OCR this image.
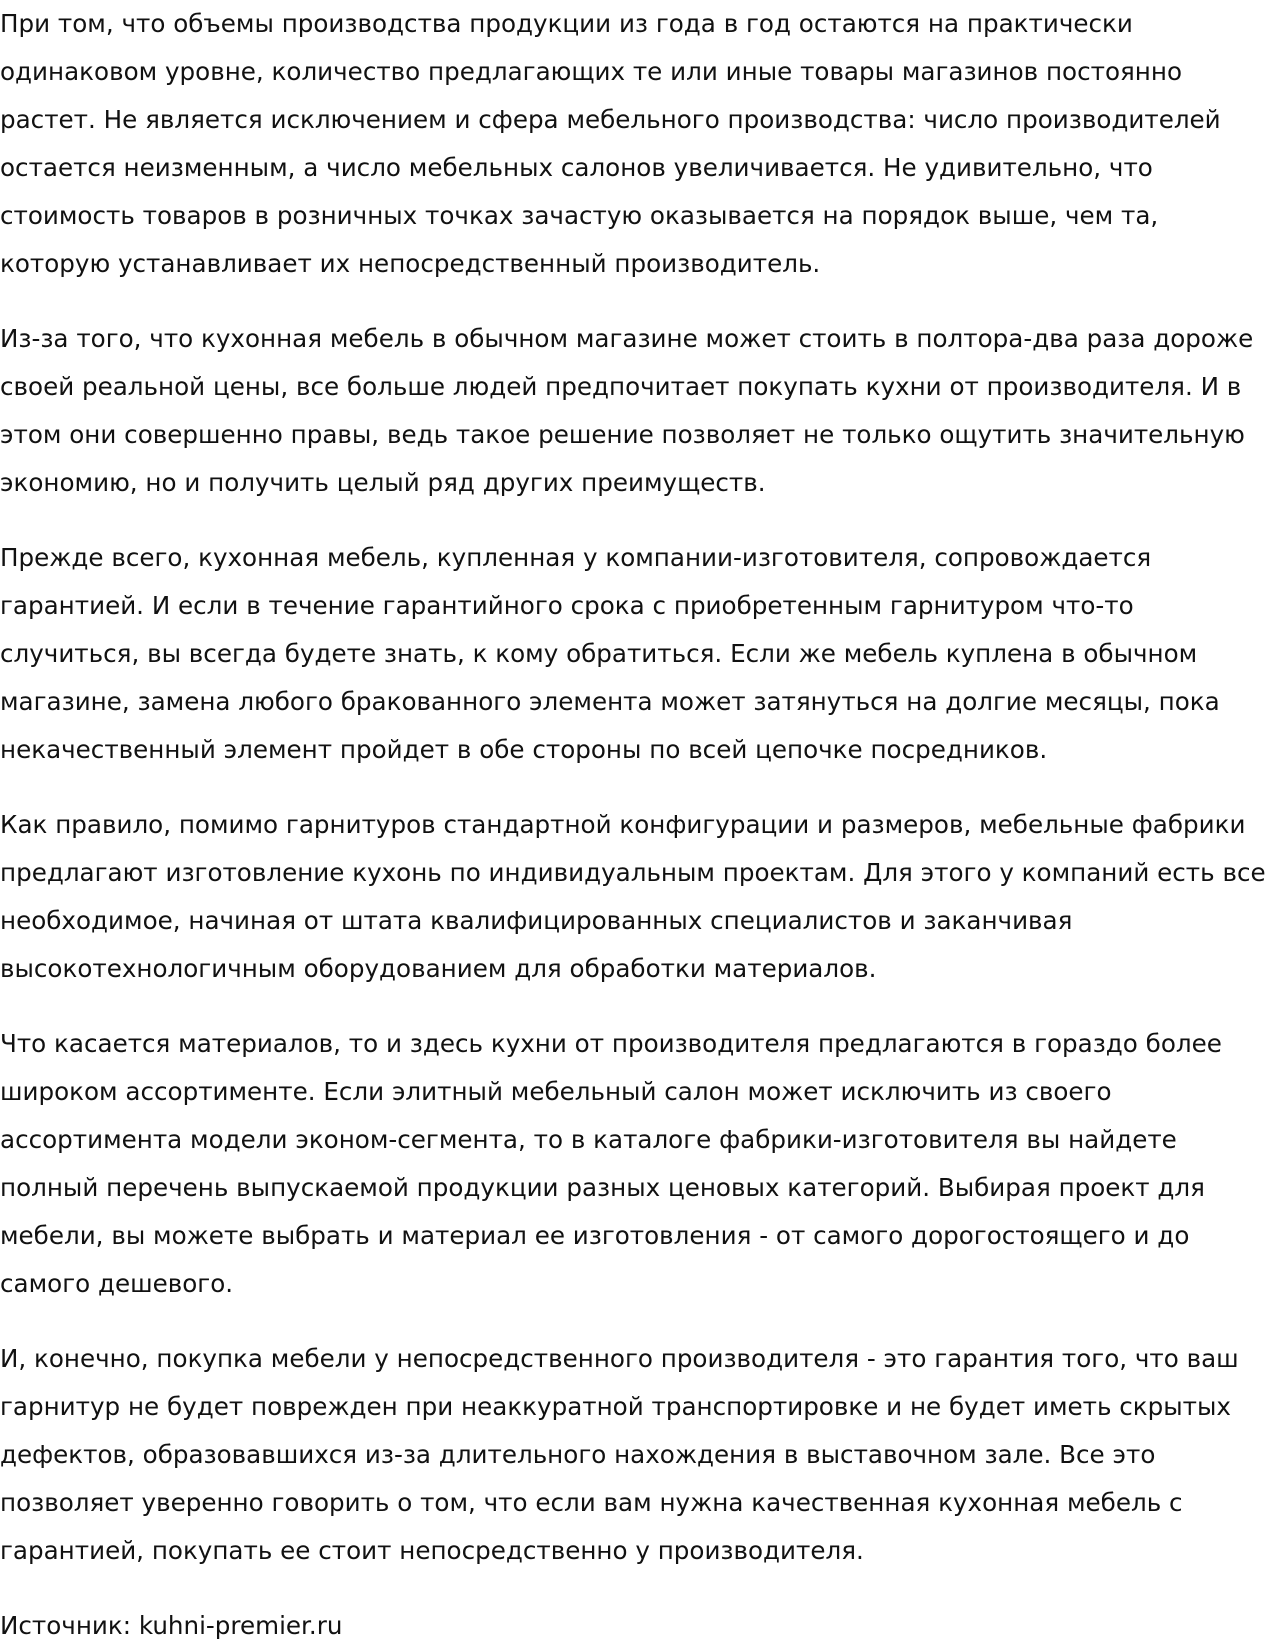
При том, что объемы производства продукции из года в год остаются на практически одинаковом уровне, количество предлагающих те или иные товары магазинов постоянно растет. Не является исключением и сфера мебельного производства: число производителей остается неизменным, а число мебельных салонов увеличивается. Не удивительно, что стоимость товаров в розничных точках зачастую оказывается на порядок выше, чем та, которую устанавливает их непосредственный производитель.

Из-за того, что кухонная мебель в обычном магазине может стоить в полтора-два раза дороже своей реальной цены, все больше людей предпочитает покупать кухни от производителя. И в этом они совершенно правы, ведь такое решение позволяет не только ощутить значительную экономию, но и получить целый ряд других преимуществ.

Прежде всего, кухонная мебель, купленная у компании-изготовителя, сопровождается гарантией. И если в течение гарантийного срока с приобретенным гарнитуром что-то случиться, вы всегда будете знать, к кому обратиться. Если же мебель куплена в обычном магазине, замена любого бракованного элемента может затянуться на долгие месяцы, пока некачественный элемент пройдет в обе стороны по всей цепочке посредников.

Как правило, помимо гарнитуров стандартной конфигурации и размеров, мебельные фабрики предлагают изготовление кухонь по индивидуальным проектам. Для этого у компаний есть все необходимое, начиная от штата квалифицированных специалистов и заканчивая высокотехнологичным оборудованием для обработки материалов.

Что касается материалов, то и здесь кухни от производителя предлагаются в гораздо более широком ассортименте. Если элитный мебельный салон может исключить из своего ассортимента модели эконом-сегмента, то в каталоге фабрики-изготовителя вы найдете полный перечень выпускаемой продукции разных ценовых категорий. Выбирая проект для мебели, вы можете выбрать и материал ее изготовления - от самого дорогостоящего и до самого дешевого.

И, конечно, покупка мебели у непосредственного производителя - это гарантия того, что ваш гарнитур не будет поврежден при неаккуратной транспортировке и не будет иметь скрытых дефектов, образовавшихся из-за длительного нахождения в выставочном зале. Все это позволяет уверенно говорить о том, что если вам нужна качественная кухонная мебель с гарантией, покупать ее стоит непосредственно у производителя.

Источник: kuhni-premier.ru
